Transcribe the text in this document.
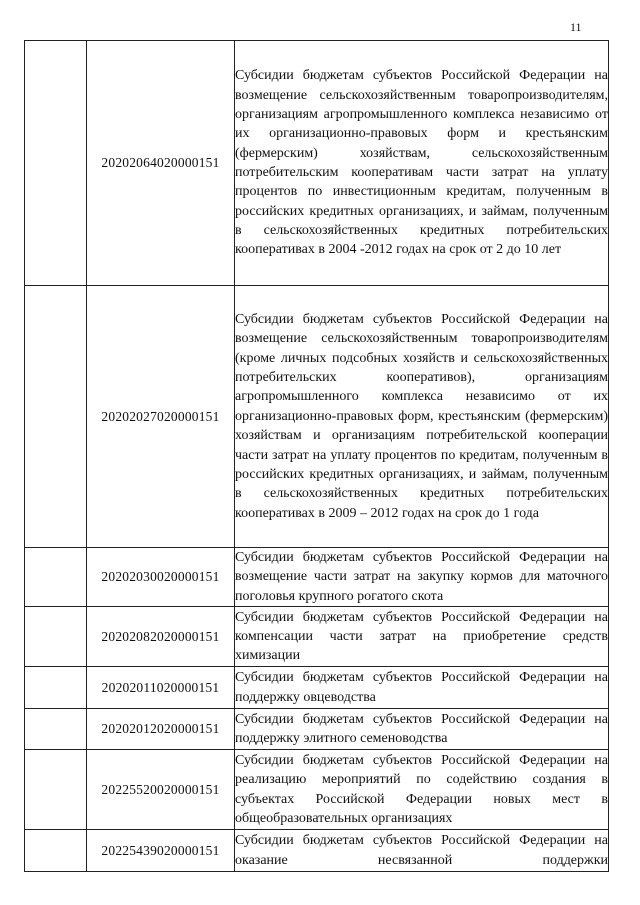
11
	20202064020000151	Субсидии бюджетам субъектов Российской Федерации на возмещение сельскохозяйственным товаропроизводителям, организациям агропромышленного комплекса независимо от их организационно-правовых форм и крестьянским (фермерским) хозяйствам, сельскохозяйственным потребительским кооперативам части затрат на уплату процентов по инвестиционным кредитам, полученным в российских кредитных организациях, и займам, полученным в сельскохозяйственных кредитных потребительских кооперативах в 2004 -2012 годах на срок от 2 до 10 лет
	20202027020000151	Субсидии бюджетам субъектов Российской Федерации на возмещение сельскохозяйственным товаропроизводителям (кроме личных подсобных хозяйств и сельскохозяйственных потребительских кооперативов), организациям агропромышленного комплекса независимо от их организационно-правовых форм, крестьянским (фермерским) хозяйствам и организациям потребительской кооперации части затрат на уплату процентов по кредитам, полученным в российских кредитных организациях, и займам, полученным в сельскохозяйственных кредитных потребительских кооперативах в 2009 – 2012 годах на срок до 1 года
	20202030020000151	Субсидии бюджетам субъектов Российской Федерации на возмещение части затрат на закупку кормов для маточного поголовья крупного рогатого скота
	20202082020000151	Субсидии бюджетам субъектов Российской Федерации на компенсации части затрат на приобретение средств химизации
	20202011020000151	Субсидии бюджетам субъектов Российской Федерации на поддержку овцеводства
	20202012020000151	Субсидии бюджетам субъектов Российской Федерации на поддержку элитного семеноводства
	20225520020000151	Субсидии бюджетам субъектов Российской Федерации на реализацию мероприятий по содействию создания в субъектах Российской Федерации новых мест в общеобразовательных организациях
	20225439020000151	Субсидии бюджетам субъектов Российской Федерации на оказание несвязанной поддержки
